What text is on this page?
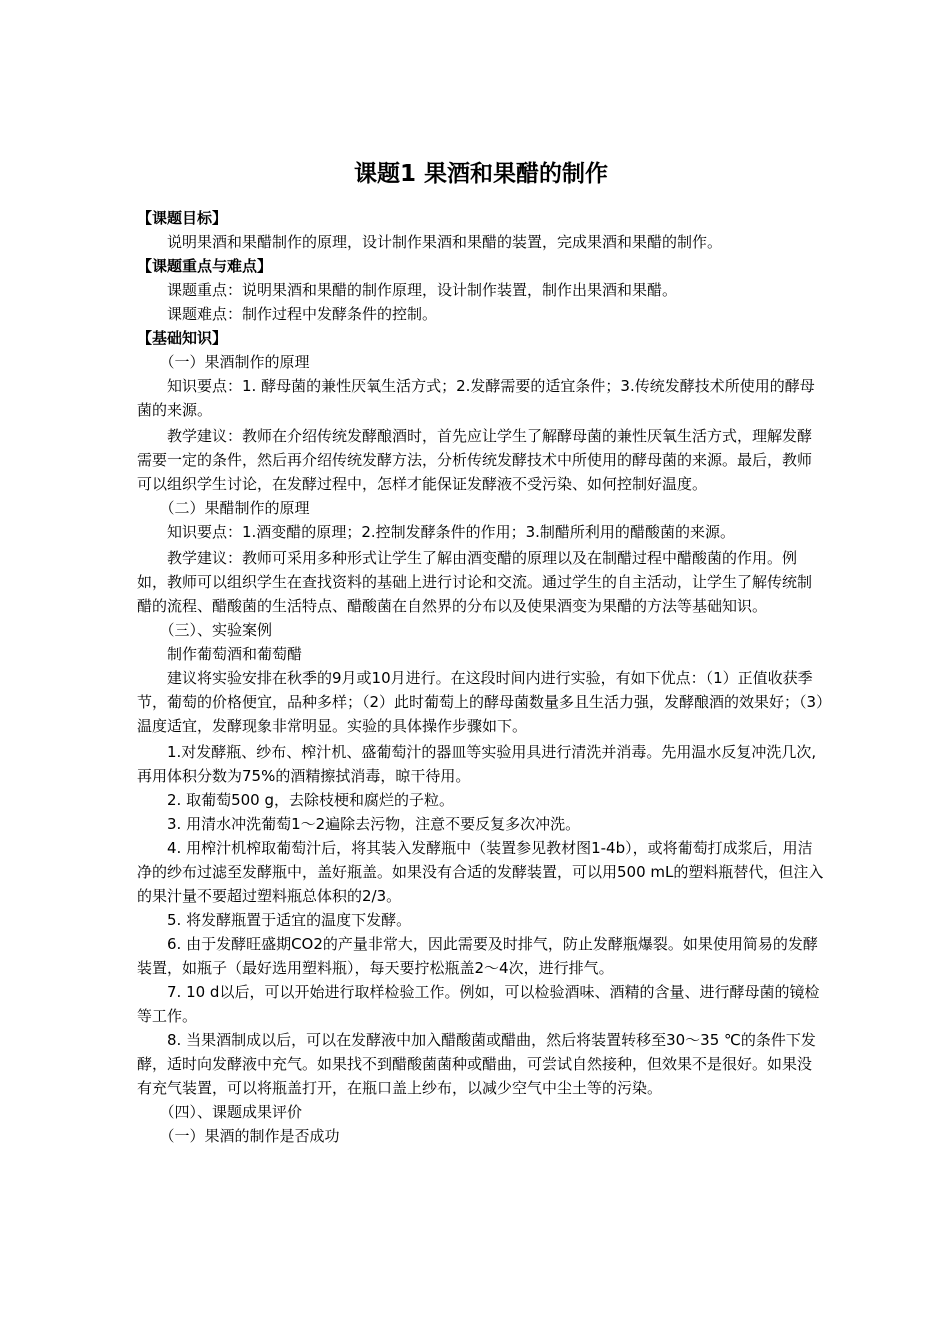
课题1 果酒和果醋的制作

【课题目标】

说明果酒和果醋制作的原理，设计制作果酒和果醋的装置，完成果酒和果醋的制作。

【课题重点与难点】

课题重点：说明果酒和果醋的制作原理，设计制作装置，制作出果酒和果醋。

课题难点：制作过程中发酵条件的控制。

【基础知识】

（一）果酒制作的原理

知识要点：1. 酵母菌的兼性厌氧生活方式；2.发酵需要的适宜条件；3.传统发酵技术所使用的酵母菌的来源。

教学建议：教师在介绍传统发酵酿酒时，首先应让学生了解酵母菌的兼性厌氧生活方式，理解发酵需要一定的条件，然后再介绍传统发酵方法，分析传统发酵技术中所使用的酵母菌的来源。最后，教师可以组织学生讨论，在发酵过程中，怎样才能保证发酵液不受污染、如何控制好温度。

（二）果醋制作的原理

知识要点：1.酒变醋的原理；2.控制发酵条件的作用；3.制醋所利用的醋酸菌的来源。

教学建议：教师可采用多种形式让学生了解由酒变醋的原理以及在制醋过程中醋酸菌的作用。例如，教师可以组织学生在查找资料的基础上进行讨论和交流。通过学生的自主活动，让学生了解传统制醋的流程、醋酸菌的生活特点、醋酸菌在自然界的分布以及使果酒变为果醋的方法等基础知识。

（三）、实验案例

制作葡萄酒和葡萄醋

建议将实验安排在秋季的9月或10月进行。在这段时间内进行实验，有如下优点：（1）正值收获季节，葡萄的价格便宜，品种多样；（2）此时葡萄上的酵母菌数量多且生活力强，发酵酿酒的效果好；（3）温度适宜，发酵现象非常明显。实验的具体操作步骤如下。

1.对发酵瓶、纱布、榨汁机、盛葡萄汁的器皿等实验用具进行清洗并消毒。先用温水反复冲洗几次,再用体积分数为75%的酒精擦拭消毒，晾干待用。

2. 取葡萄500 g，去除枝梗和腐烂的子粒。

3. 用清水冲洗葡萄1～2遍除去污物，注意不要反复多次冲洗。

4. 用榨汁机榨取葡萄汁后，将其装入发酵瓶中（装置参见教材图1-4b），或将葡萄打成浆后，用洁净的纱布过滤至发酵瓶中，盖好瓶盖。如果没有合适的发酵装置，可以用500 mL的塑料瓶替代，但注入的果汁量不要超过塑料瓶总体积的2/3。

5. 将发酵瓶置于适宜的温度下发酵。

6. 由于发酵旺盛期CO2的产量非常大，因此需要及时排气，防止发酵瓶爆裂。如果使用简易的发酵装置，如瓶子（最好选用塑料瓶），每天要拧松瓶盖2～4次，进行排气。

7. 10 d以后，可以开始进行取样检验工作。例如，可以检验酒味、酒精的含量、进行酵母菌的镜检等工作。

8. 当果酒制成以后，可以在发酵液中加入醋酸菌或醋曲，然后将装置转移至30～35 ℃的条件下发酵，适时向发酵液中充气。如果找不到醋酸菌菌种或醋曲，可尝试自然接种，但效果不是很好。如果没有充气装置，可以将瓶盖打开，在瓶口盖上纱布，以减少空气中尘土等的污染。

（四）、课题成果评价

（一）果酒的制作是否成功
